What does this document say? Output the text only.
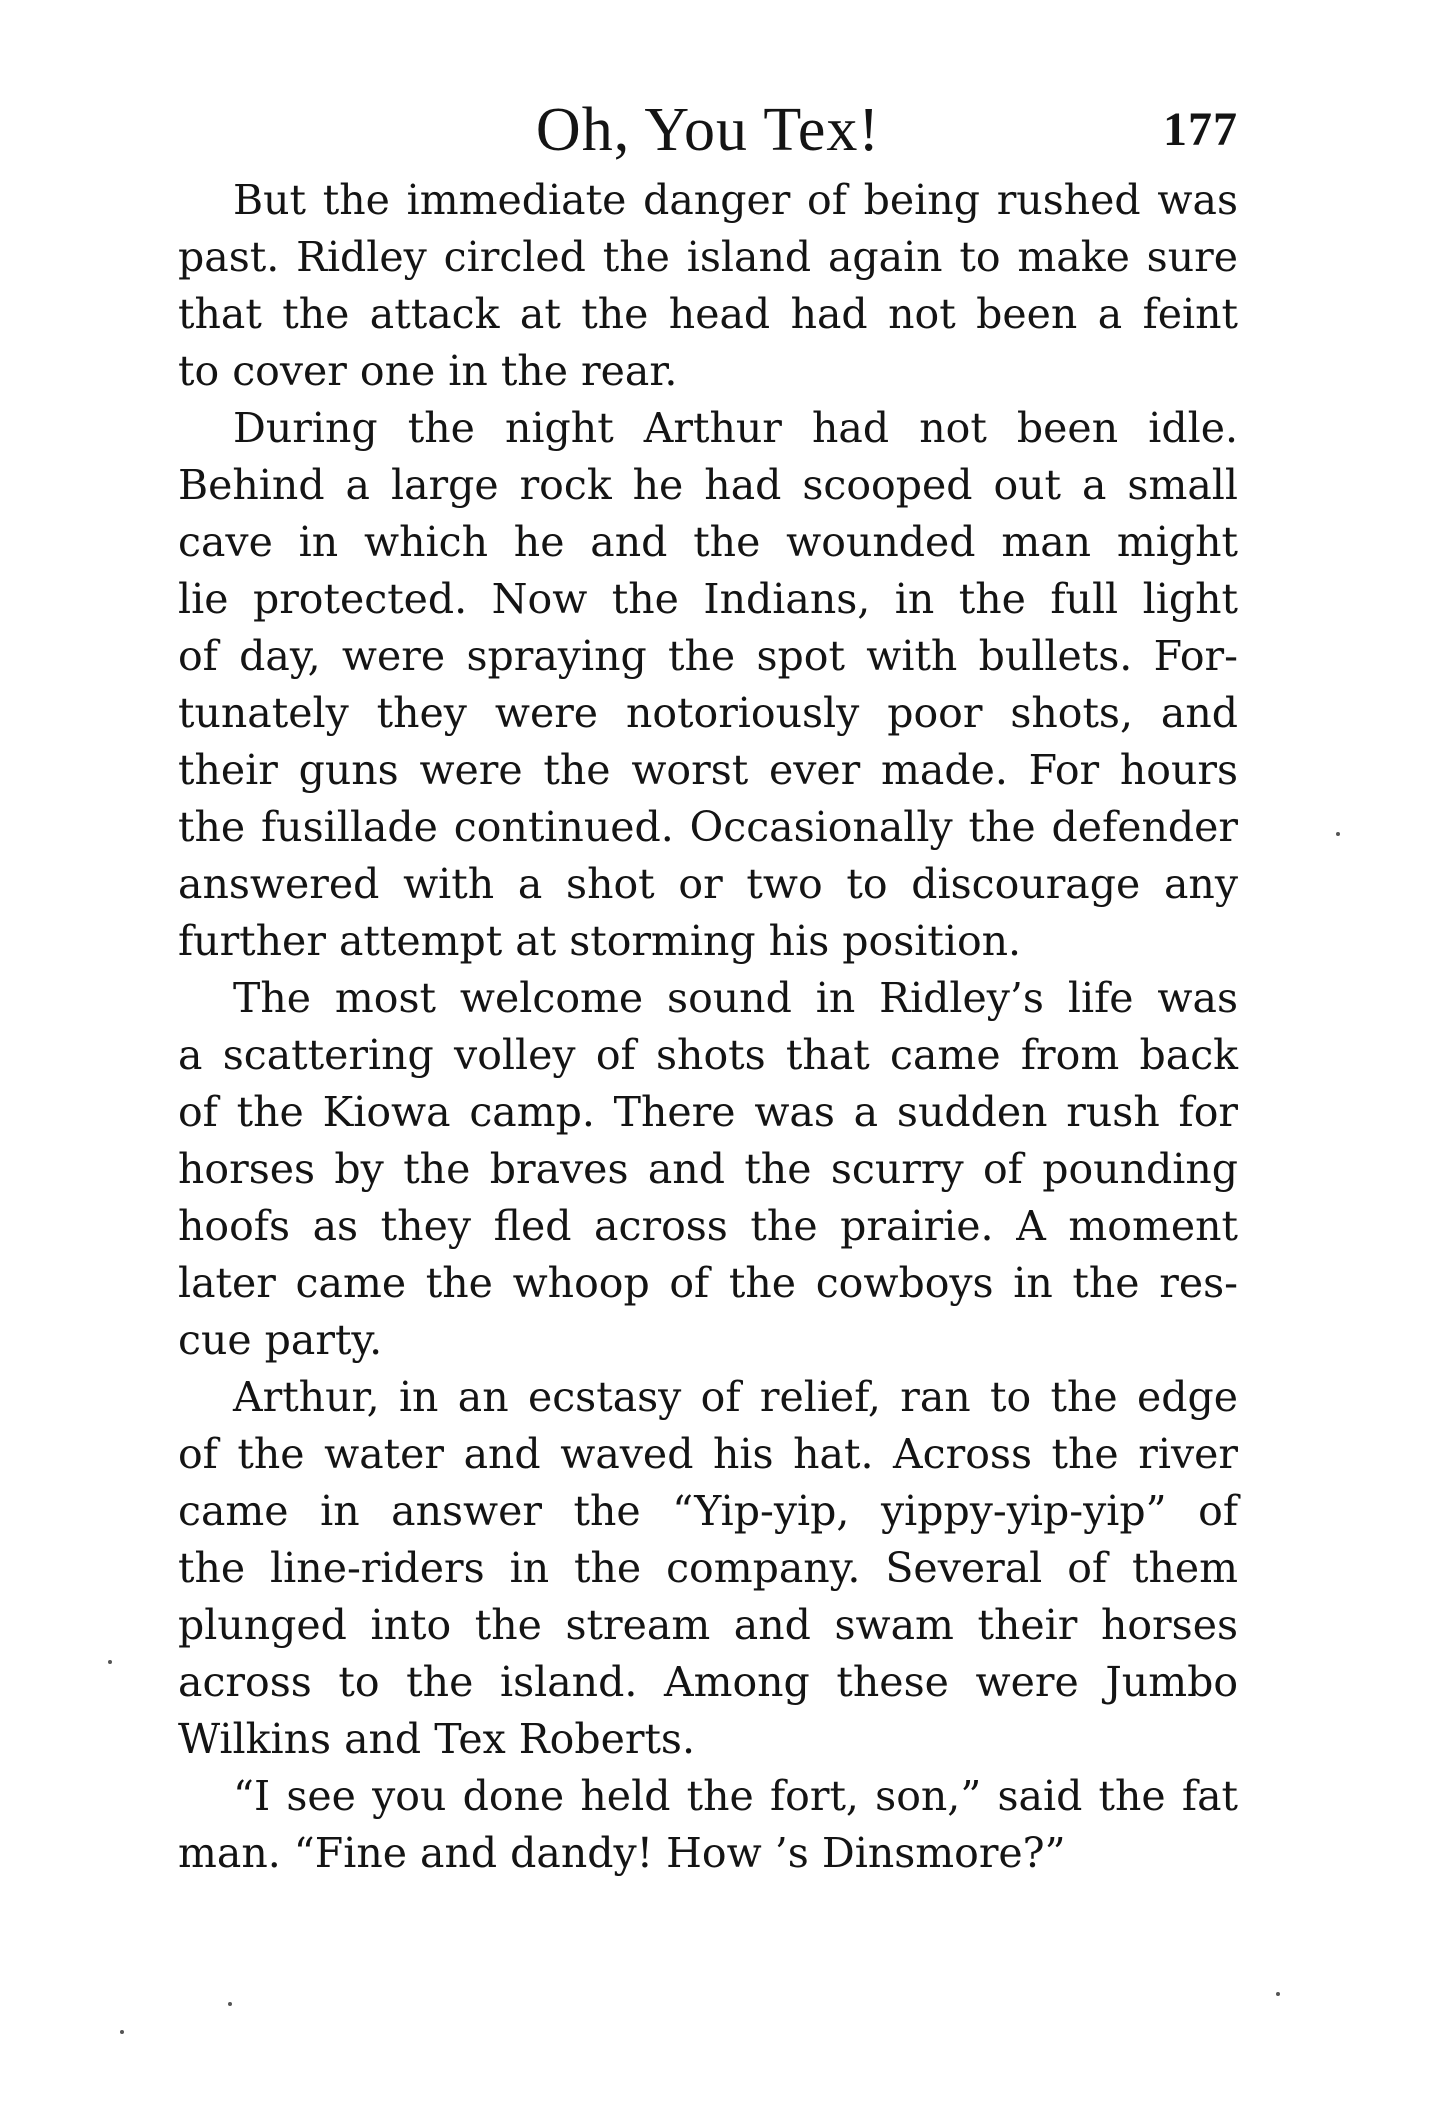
Oh, You Tex!	177
But the immediate danger of being rushed was
past. Ridley circled the island again to make sure
that the attack at the head had not been a feint
to cover one in the rear.
During the night Arthur had not been idle.
Behind a large rock he had scooped out a small
cave in which he and the wounded man might
lie protected. Now the Indians, in the full light
of day, were spraying the spot with bullets. For-
tunately they were notoriously poor shots, and
their guns were the worst ever made. For hours
the fusillade continued. Occasionally the defender
answered with a shot or two to discourage any
further attempt at storming his position.
The most welcome sound in Ridley’s life was
a scattering volley of shots that came from back
of the Kiowa camp. There was a sudden rush for
horses by the braves and the scurry of pounding
hoofs as they fled across the prairie. A moment
later came the whoop of the cowboys in the res-
cue party.
Arthur, in an ecstasy of relief, ran to the edge
of the water and waved his hat. Across the river
came in answer the “Yip-yip, yippy-yip-yip” of
the line-riders in the company. Several of them
plunged into the stream and swam their horses
across to the island. Among these were Jumbo
Wilkins and Tex Roberts.
“I see you done held the fort, son,” said the fat
man. “Fine and dandy! How ’s Dinsmore?”
